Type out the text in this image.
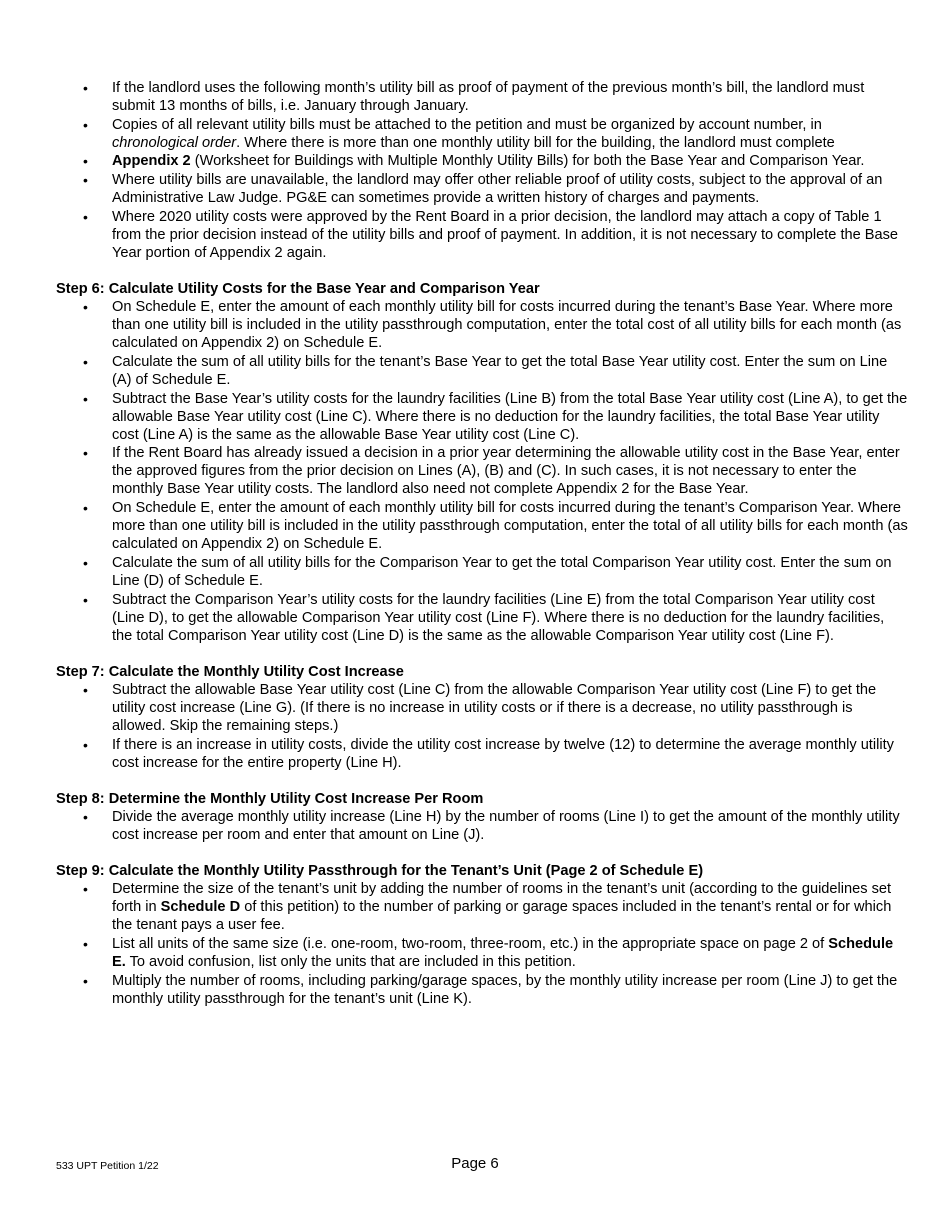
• If the landlord uses the following month’s utility bill as proof of payment of the previous month’s bill, the landlord must submit 13 months of bills, i.e. January through January.
• Copies of all relevant utility bills must be attached to the petition and must be organized by account number, in chronological order. Where there is more than one monthly utility bill for the building, the landlord must complete
• Appendix 2 (Worksheet for Buildings with Multiple Monthly Utility Bills) for both the Base Year and Comparison Year.
• Where utility bills are unavailable, the landlord may offer other reliable proof of utility costs, subject to the approval of an Administrative Law Judge. PG&E can sometimes provide a written history of charges and payments.
• Where 2020 utility costs were approved by the Rent Board in a prior decision, the landlord may attach a copy of Table 1 from the prior decision instead of the utility bills and proof of payment. In addition, it is not necessary to complete the Base Year portion of Appendix 2 again.
Step 6: Calculate Utility Costs for the Base Year and Comparison Year
• On Schedule E, enter the amount of each monthly utility bill for costs incurred during the tenant’s Base Year. Where more than one utility bill is included in the utility passthrough computation, enter the total cost of all utility bills for each month (as calculated on Appendix 2) on Schedule E.
• Calculate the sum of all utility bills for the tenant’s Base Year to get the total Base Year utility cost. Enter the sum on Line (A) of Schedule E.
• Subtract the Base Year’s utility costs for the laundry facilities (Line B) from the total Base Year utility cost (Line A), to get the allowable Base Year utility cost (Line C). Where there is no deduction for the laundry facilities, the total Base Year utility cost (Line A) is the same as the allowable Base Year utility cost (Line C).
• If the Rent Board has already issued a decision in a prior year determining the allowable utility cost in the Base Year, enter the approved figures from the prior decision on Lines (A), (B) and (C). In such cases, it is not necessary to enter the monthly Base Year utility costs. The landlord also need not complete Appendix 2 for the Base Year.
• On Schedule E, enter the amount of each monthly utility bill for costs incurred during the tenant’s Comparison Year. Where more than one utility bill is included in the utility passthrough computation, enter the total of all utility bills for each month (as calculated on Appendix 2) on Schedule E.
• Calculate the sum of all utility bills for the Comparison Year to get the total Comparison Year utility cost. Enter the sum on Line (D) of Schedule E.
• Subtract the Comparison Year’s utility costs for the laundry facilities (Line E) from the total Comparison Year utility cost (Line D), to get the allowable Comparison Year utility cost (Line F). Where there is no deduction for the laundry facilities, the total Comparison Year utility cost (Line D) is the same as the allowable Comparison Year utility cost (Line F).
Step 7: Calculate the Monthly Utility Cost Increase
• Subtract the allowable Base Year utility cost (Line C) from the allowable Comparison Year utility cost (Line F) to get the utility cost increase (Line G). (If there is no increase in utility costs or if there is a decrease, no utility passthrough is allowed. Skip the remaining steps.)
• If there is an increase in utility costs, divide the utility cost increase by twelve (12) to determine the average monthly utility cost increase for the entire property (Line H).
Step 8: Determine the Monthly Utility Cost Increase Per Room
• Divide the average monthly utility increase (Line H) by the number of rooms (Line I) to get the amount of the monthly utility cost increase per room and enter that amount on Line (J).
Step 9: Calculate the Monthly Utility Passthrough for the Tenant’s Unit (Page 2 of Schedule E)
• Determine the size of the tenant’s unit by adding the number of rooms in the tenant’s unit (according to the guidelines set forth in Schedule D of this petition) to the number of parking or garage spaces included in the tenant’s rental or for which the tenant pays a user fee.
• List all units of the same size (i.e. one-room, two-room, three-room, etc.) in the appropriate space on page 2 of Schedule E. To avoid confusion, list only the units that are included in this petition.
• Multiply the number of rooms, including parking/garage spaces, by the monthly utility increase per room (Line J) to get the monthly utility passthrough for the tenant’s unit (Line K).
533 UPT Petition 1/22	Page 6
